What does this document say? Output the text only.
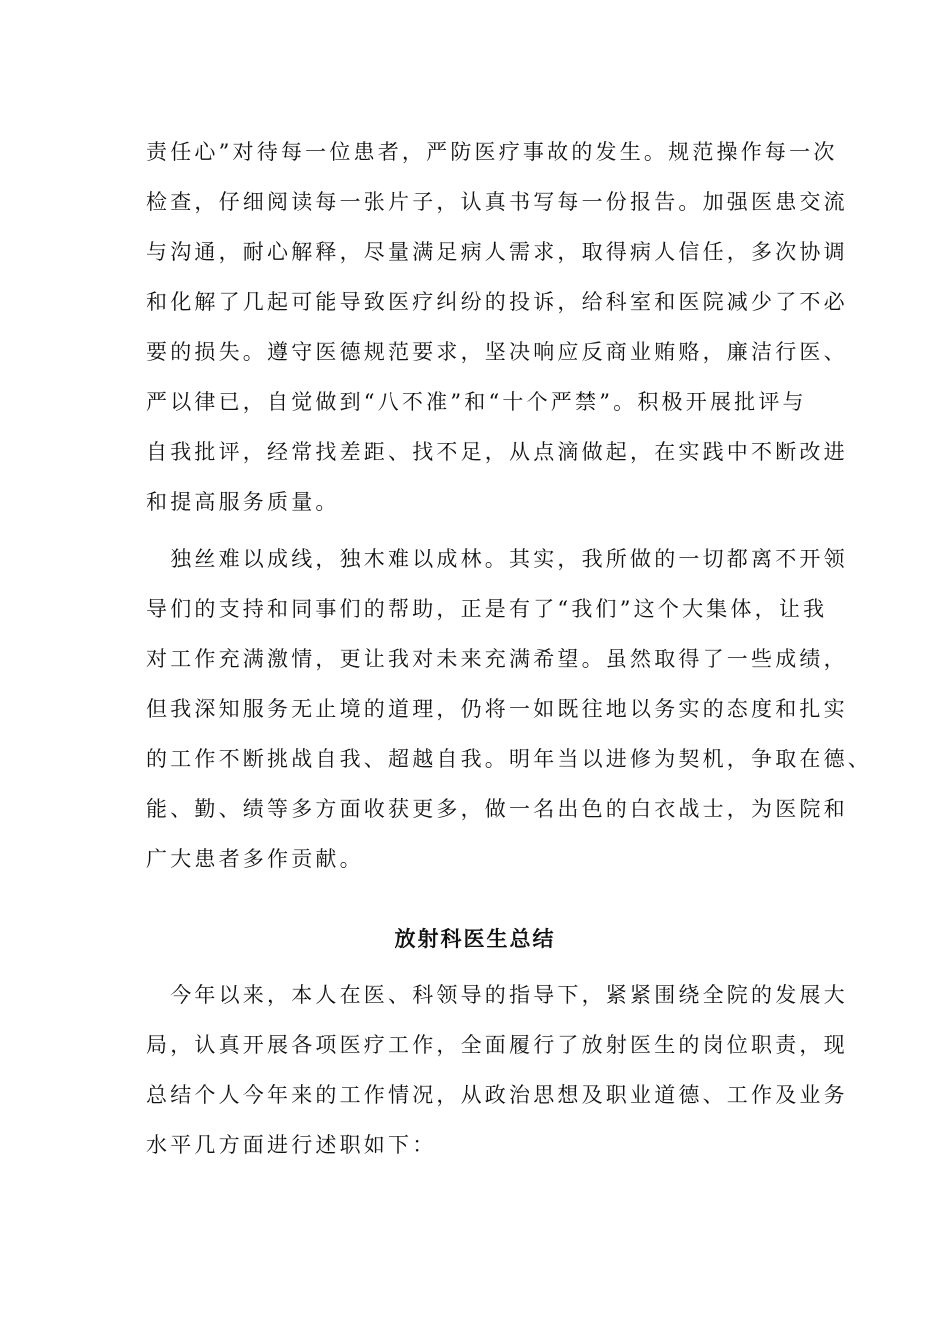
责任心”对待每一位患者，严防医疗事故的发生。规范操作每一次
检查，仔细阅读每一张片子，认真书写每一份报告。加强医患交流
与沟通，耐心解释，尽量满足病人需求，取得病人信任，多次协调
和化解了几起可能导致医疗纠纷的投诉，给科室和医院减少了不必
要的损失。遵守医德规范要求，坚决响应反商业贿赂，廉洁行医、
严以律已，自觉做到“八不准”和“十个严禁”。积极开展批评与
自我批评，经常找差距、找不足，从点滴做起，在实践中不断改进
和提高服务质量。
　独丝难以成线，独木难以成林。其实，我所做的一切都离不开领
导们的支持和同事们的帮助，正是有了“我们”这个大集体，让我
对工作充满激情，更让我对未来充满希望。虽然取得了一些成绩，
但我深知服务无止境的道理，仍将一如既往地以务实的态度和扎实
的工作不断挑战自我、超越自我。明年当以进修为契机，争取在德、
能、勤、绩等多方面收获更多，做一名出色的白衣战士，为医院和
广大患者多作贡献。
放射科医生总结
　今年以来，本人在医、科领导的指导下，紧紧围绕全院的发展大
局，认真开展各项医疗工作，全面履行了放射医生的岗位职责，现
总结个人今年来的工作情况，从政治思想及职业道德、工作及业务
水平几方面进行述职如下：
